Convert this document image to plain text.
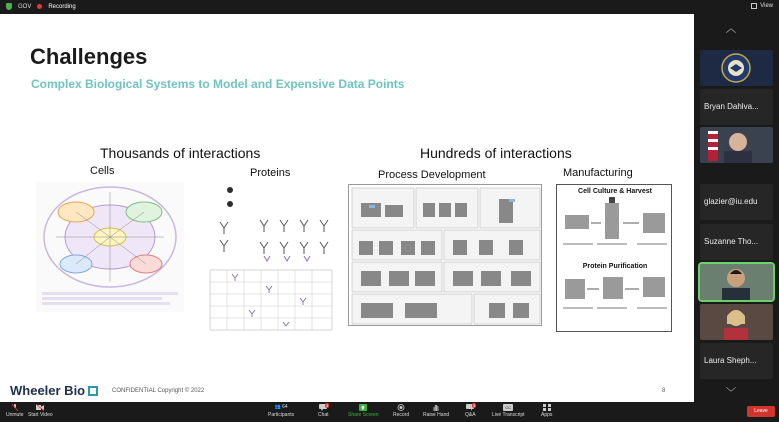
GOV	Recording	View
Challenges
Complex Biological Systems to Model and Expensive Data Points
Thousands of interactions	Hundreds of interactions
Cells	Proteins	Process Development	Manufacturing
Cell Culture & Harvest
Protein Purification
Wheeler Bio	CONFIDENTIAL Copyright © 2022	8
︿
Bryan Dahlva...
glazier@iu.edu
Suzanne Tho...
Laura Sheph...
﹀
Unmute Start Video
👥 64
Participants
3
Chat	Share Screen	Record	Raise Hand
3
Q&A
CC
Live Transcript	Apps
Leave
